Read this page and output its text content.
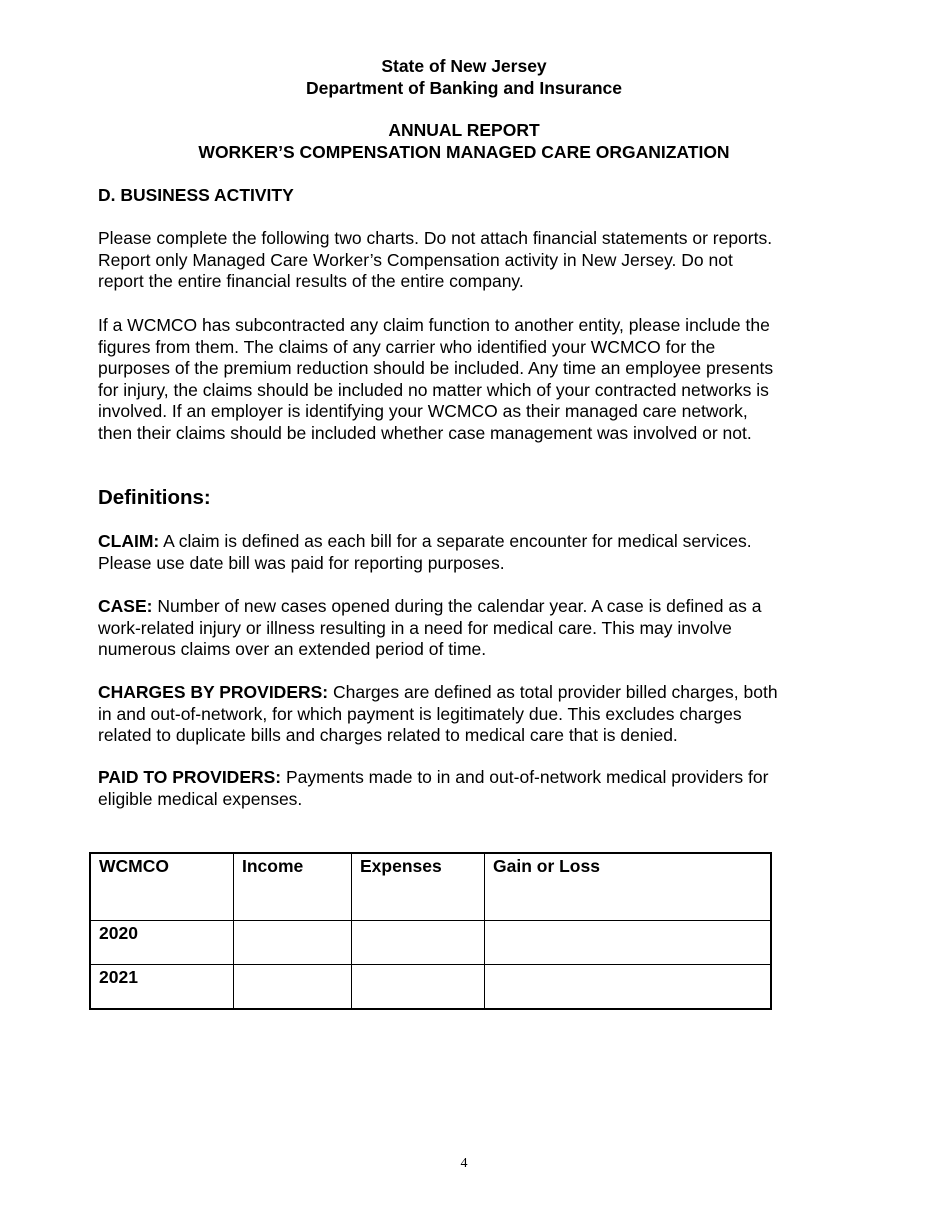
State of New Jersey
Department of Banking and Insurance
ANNUAL REPORT
WORKER’S COMPENSATION MANAGED CARE ORGANIZATION
D. BUSINESS ACTIVITY
Please complete the following two charts. Do not attach financial statements or reports.
Report only Managed Care Worker’s Compensation activity in New Jersey. Do not
report the entire financial results of the entire company.
If a WCMCO has subcontracted any claim function to another entity, please include the
figures from them. The claims of any carrier who identified your WCMCO for the
purposes of the premium reduction should be included. Any time an employee presents
for injury, the claims should be included no matter which of your contracted networks is
involved. If an employer is identifying your WCMCO as their managed care network,
then their claims should be included whether case management was involved or not.
Definitions:
CLAIM: A claim is defined as each bill for a separate encounter for medical services.
Please use date bill was paid for reporting purposes.
CASE: Number of new cases opened during the calendar year. A case is defined as a
work-related injury or illness resulting in a need for medical care. This may involve
numerous claims over an extended period of time.
CHARGES BY PROVIDERS: Charges are defined as total provider billed charges, both
in and out-of-network, for which payment is legitimately due. This excludes charges
related to duplicate bills and charges related to medical care that is denied.
PAID TO PROVIDERS: Payments made to in and out-of-network medical providers for
eligible medical expenses.
WCMCO	Income	Expenses	Gain or Loss
2020			
2021			
4
